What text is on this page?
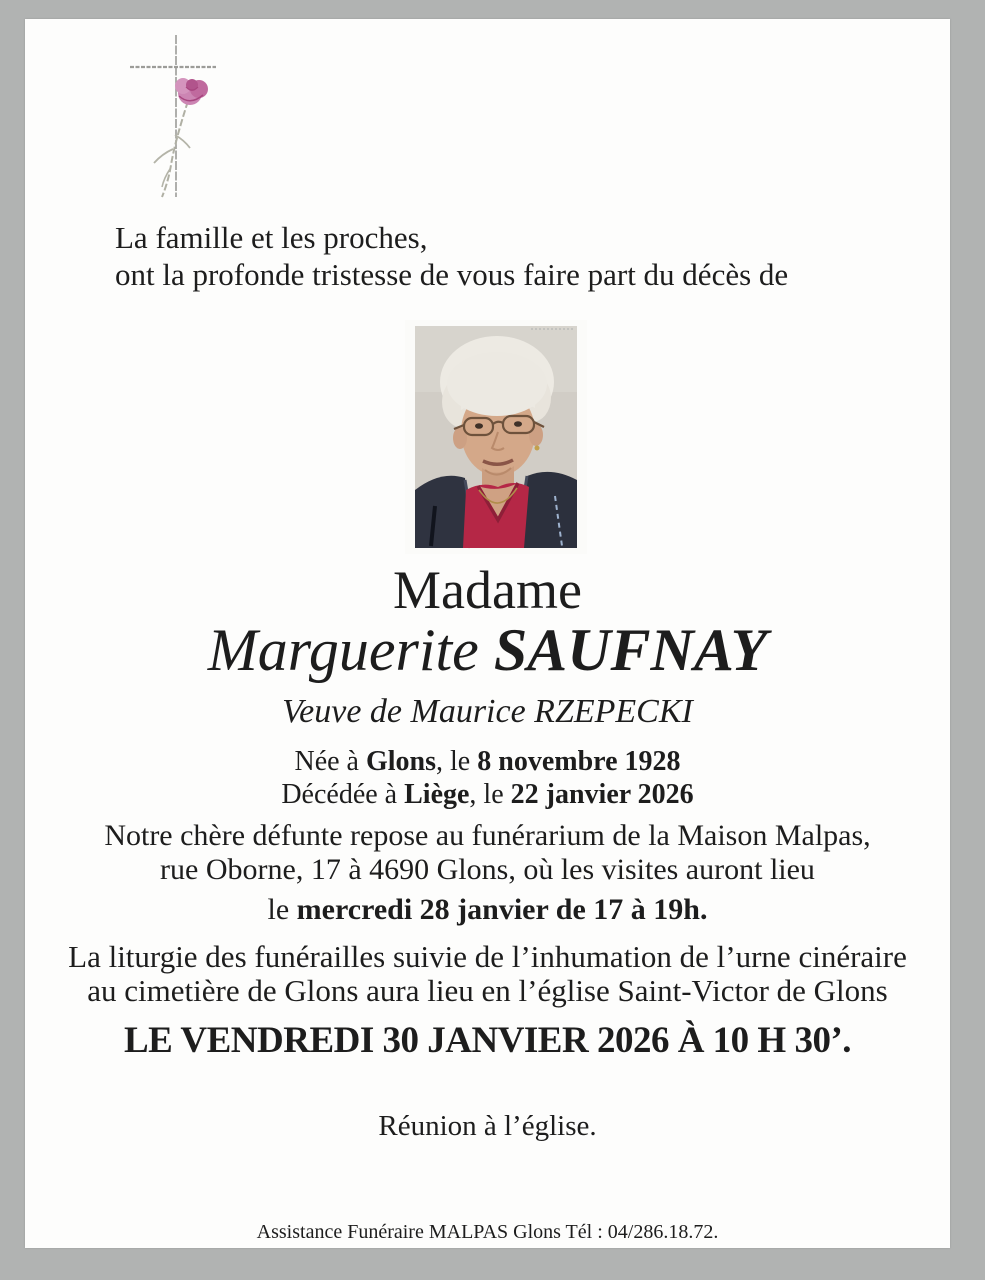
La famille et les proches,
ont la profonde tristesse de vous faire part du décès de
Madame
Marguerite SAUFNAY
Veuve de Maurice RZEPECKI
Née à Glons, le 8 novembre 1928
Décédée à Liège, le 22 janvier 2026
Notre chère défunte repose au funérarium de la Maison Malpas,
rue Oborne, 17 à 4690 Glons, où les visites auront lieu
le mercredi 28 janvier de 17 à 19h.
La liturgie des funérailles suivie de l’inhumation de l’urne cinéraire
au cimetière de Glons aura lieu en l’église Saint-Victor de Glons
LE VENDREDI 30 JANVIER 2026 À 10 H 30’.
Réunion à l’église.
Assistance Funéraire MALPAS Glons Tél : 04/286.18.72.
